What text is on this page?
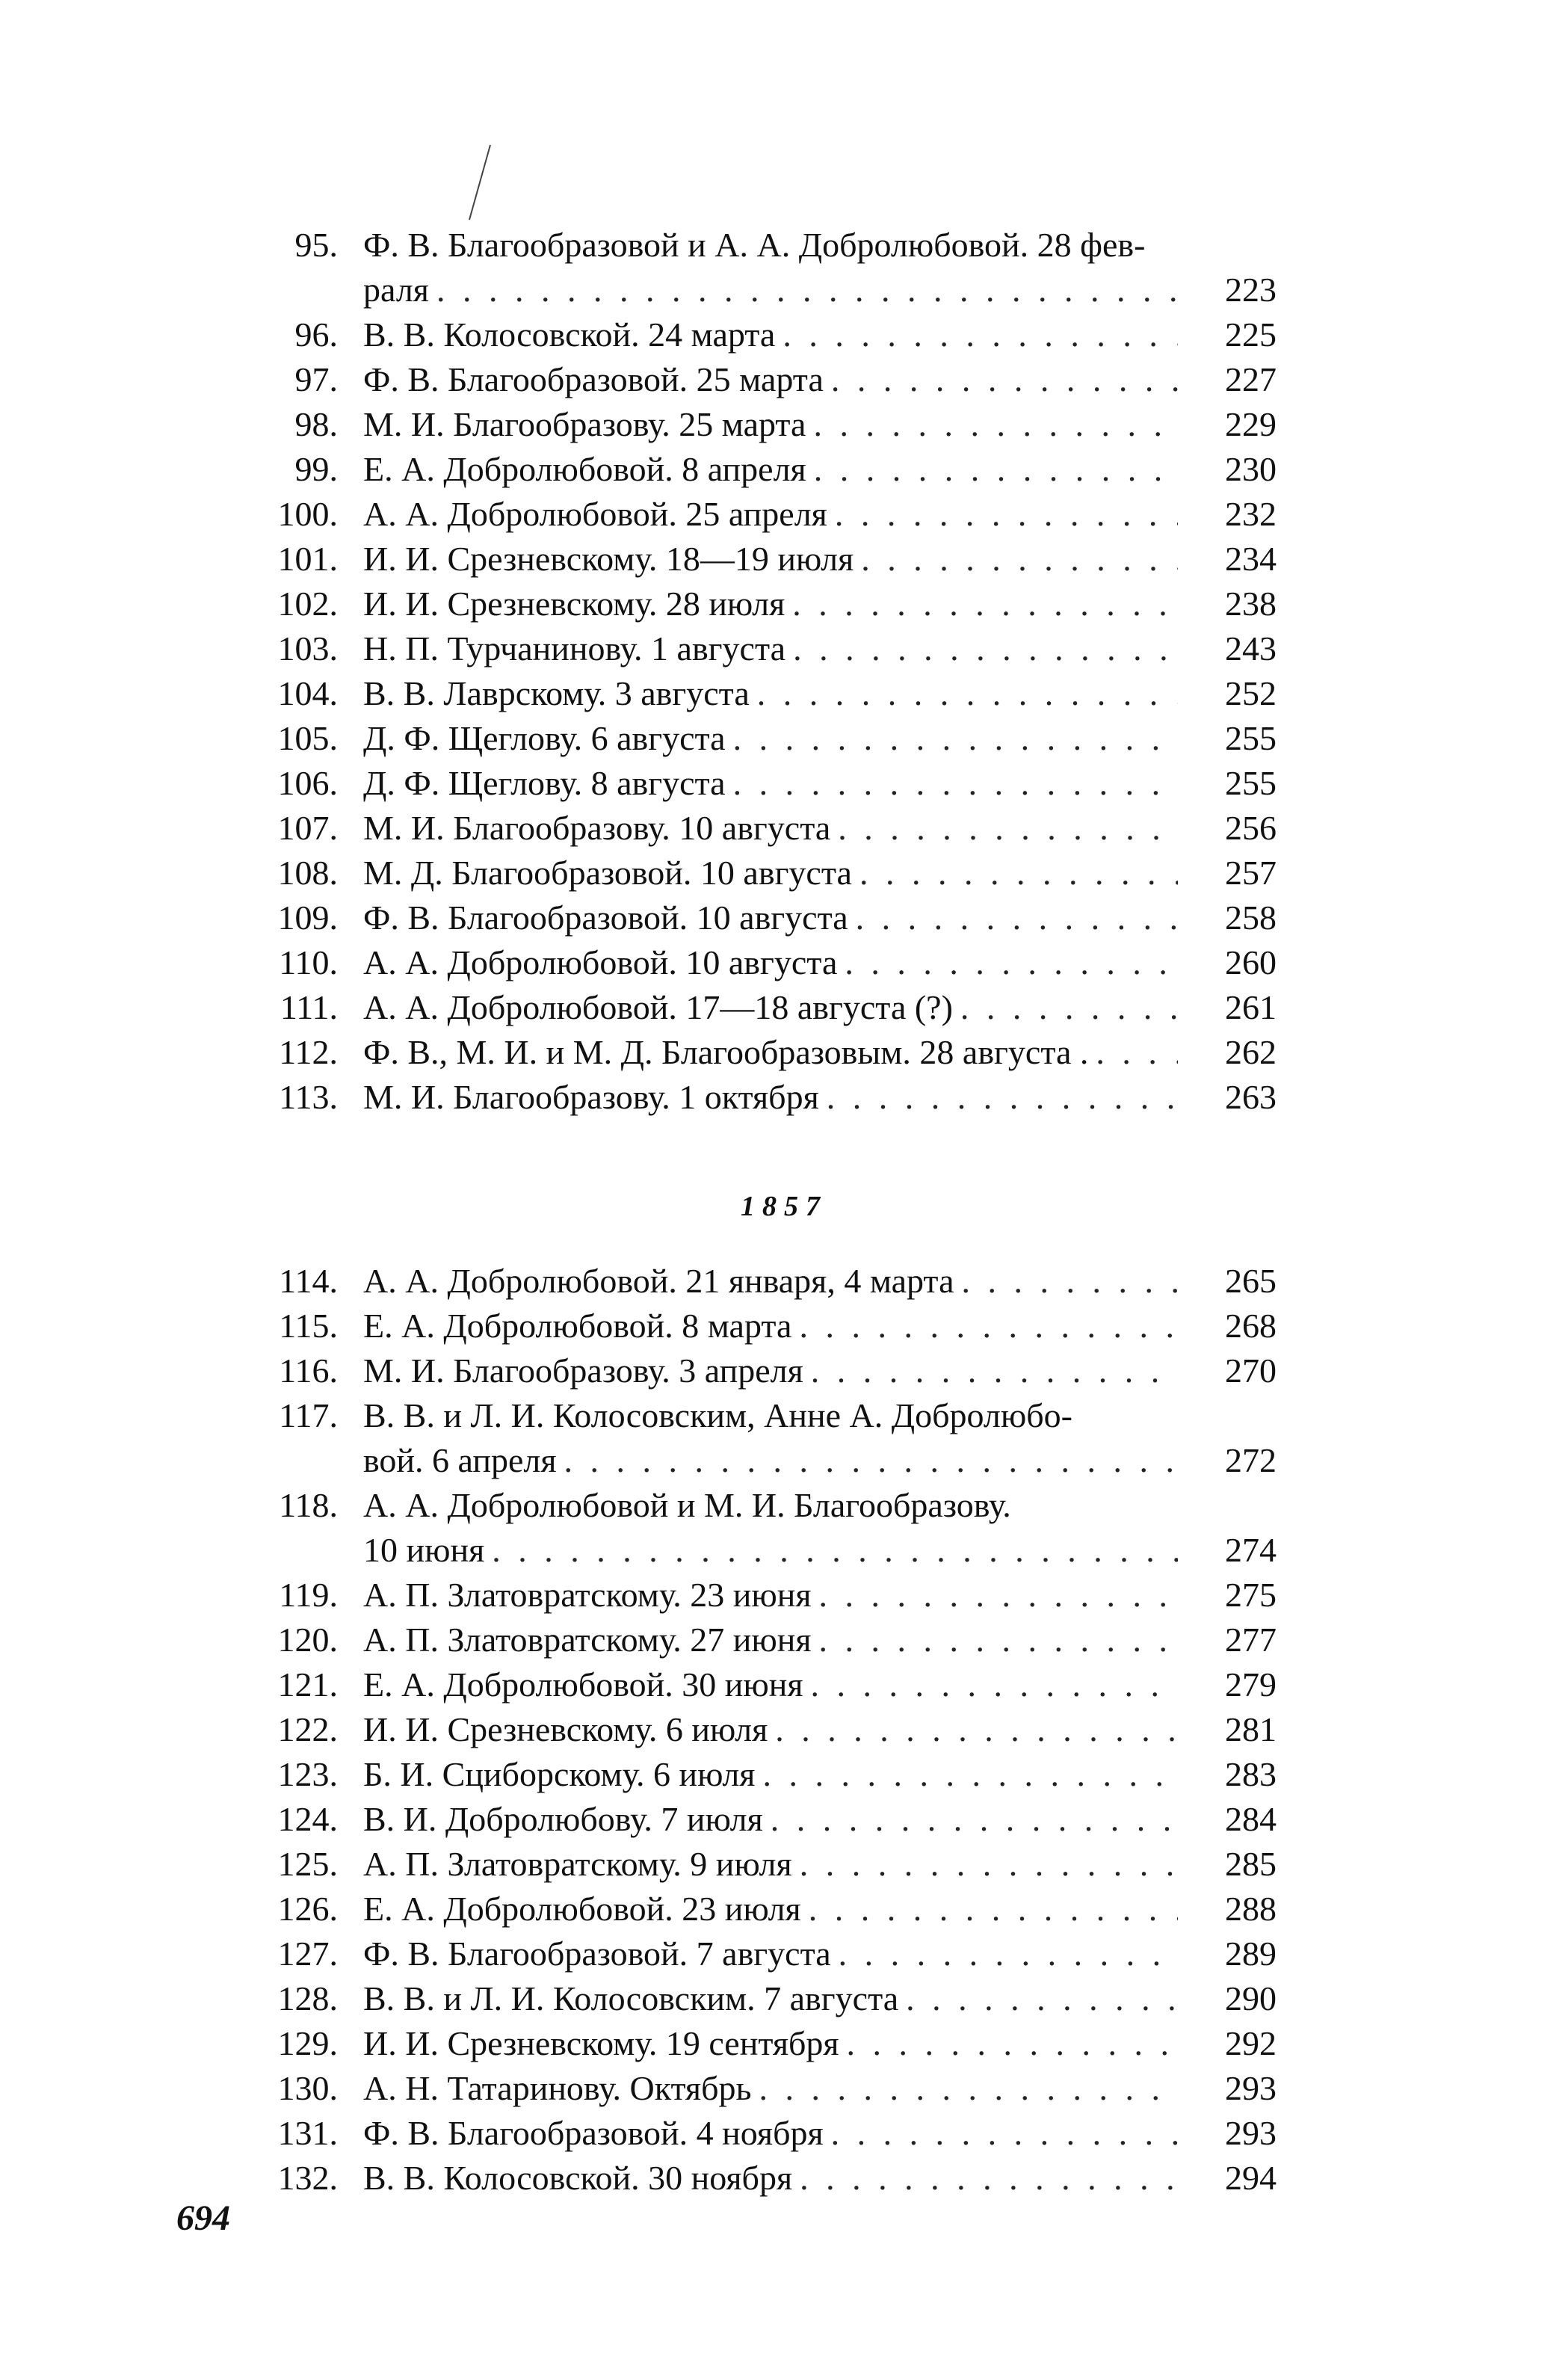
95. Ф. В. Благообразовой и А. А. Добролюбовой. 28 фев-
раля . . .	223
96. В. В. Колосовской. 24 марта . . .	225
97. Ф. В. Благообразовой. 25 марта . . .	227
98. М. И. Благообразову. 25 марта . . .	229
99. Е. А. Добролюбовой. 8 апреля . . .	230
100. А. А. Добролюбовой. 25 апреля . . .	232
101. И. И. Срезневскому. 18—19 июля . . .	234
102. И. И. Срезневскому. 28 июля . . .	238
103. Н. П. Турчанинову. 1 августа . . .	243
104. В. В. Лаврскому. 3 августа . . .	252
105. Д. Ф. Щеглову. 6 августа . . .	255
106. Д. Ф. Щеглову. 8 августа . . .	255
107. М. И. Благообразову. 10 августа . . .	256
108. М. Д. Благообразовой. 10 августа . . .	257
109. Ф. В. Благообразовой. 10 августа . . .	258
110. А. А. Добролюбовой. 10 августа . . .	260
111. А. А. Добролюбовой. 17—18 августа (?) . . .	261
112. Ф. В., М. И. и М. Д. Благообразовым. 28 августа . . . .	262
113. М. И. Благообразову. 1 октября . . .	263
1857
114. А. А. Добролюбовой. 21 января, 4 марта . . .	265
115. Е. А. Добролюбовой. 8 марта . . .	268
116. М. И. Благообразову. 3 апреля . . .	270
117. В. В. и Л. И. Колосовским, Анне А. Добролюбо-
вой. 6 апреля . . .	272
118. А. А. Добролюбовой и М. И. Благообразову.
10 июня . . .	274
119. А. П. Златовратскому. 23 июня . . .	275
120. А. П. Златовратскому. 27 июня . . .	277
121. Е. А. Добролюбовой. 30 июня . . .	279
122. И. И. Срезневскому. 6 июля . . .	281
123. Б. И. Сциборскому. 6 июля . . .	283
124. В. И. Добролюбову. 7 июля . . .	284
125. А. П. Златовратскому. 9 июля . . .	285
126. Е. А. Добролюбовой. 23 июля . . .	288
127. Ф. В. Благообразовой. 7 августа . . .	289
128. В. В. и Л. И. Колосовским. 7 августа . . .	290
129. И. И. Срезневскому. 19 сентября . . .	292
130. А. Н. Татаринову. Октябрь . . .	293
131. Ф. В. Благообразовой. 4 ноября . . .	293
132. В. В. Колосовской. 30 ноября . . .	294
694
